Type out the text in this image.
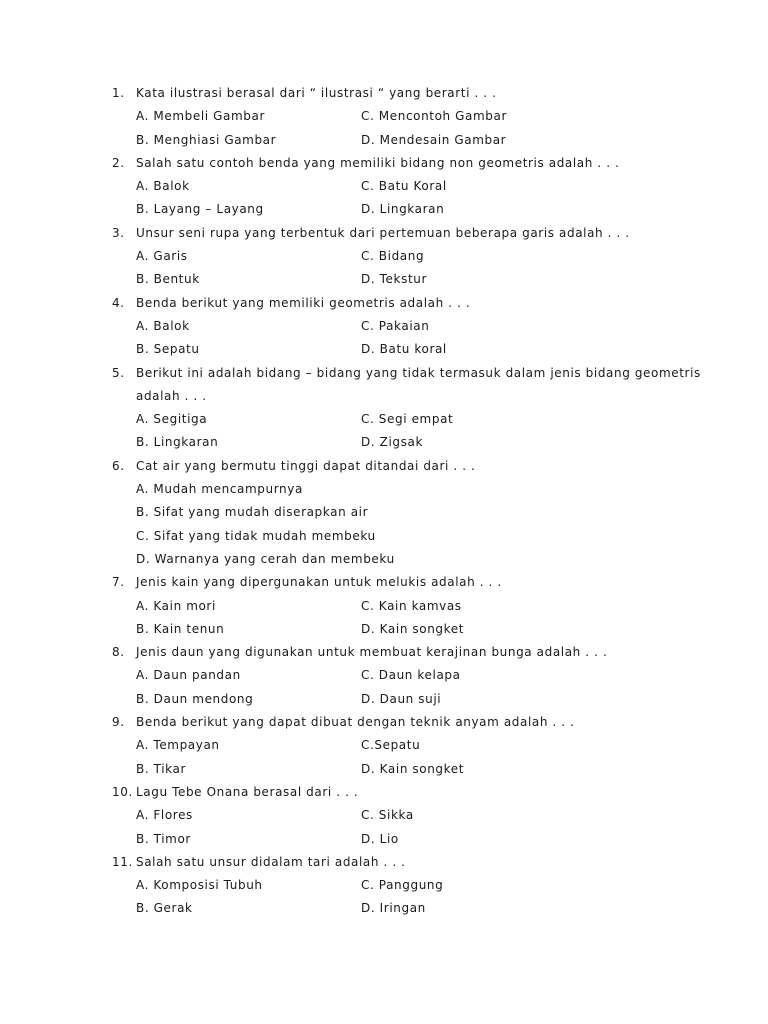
1. Kata ilustrasi berasal dari “ ilustrasi “ yang berarti . . .
A. Membeli Gambar	C. Mencontoh Gambar
B. Menghiasi Gambar	D. Mendesain Gambar
2. Salah satu contoh benda yang memiliki bidang non geometris adalah . . .
A. Balok	C. Batu Koral
B. Layang – Layang	D. Lingkaran
3. Unsur seni rupa yang terbentuk dari pertemuan beberapa garis adalah . . .
A. Garis	C. Bidang
B. Bentuk	D. Tekstur
4. Benda berikut yang memiliki geometris adalah . . .
A. Balok	C. Pakaian
B. Sepatu	D. Batu koral
5. Berikut ini adalah bidang – bidang yang tidak termasuk dalam jenis bidang geometris
adalah . . .
A. Segitiga	C. Segi empat
B. Lingkaran	D. Zigsak
6. Cat air yang bermutu tinggi dapat ditandai dari . . .
A. Mudah mencampurnya
B. Sifat yang mudah diserapkan air
C. Sifat yang tidak mudah membeku
D. Warnanya yang cerah dan membeku
7. Jenis kain yang dipergunakan untuk melukis adalah . . .
A. Kain mori	C. Kain kamvas
B. Kain tenun	D. Kain songket
8. Jenis daun yang digunakan untuk membuat kerajinan bunga adalah . . .
A. Daun pandan	C. Daun kelapa
B. Daun mendong	D. Daun suji
9. Benda berikut yang dapat dibuat dengan teknik anyam adalah . . .
A. Tempayan	C.Sepatu
B. Tikar	D. Kain songket
10. Lagu Tebe Onana berasal dari . . .
A. Flores	C. Sikka
B. Timor	D. Lio
11. Salah satu unsur didalam tari adalah . . .
A. Komposisi Tubuh	C. Panggung
B. Gerak	D. Iringan
